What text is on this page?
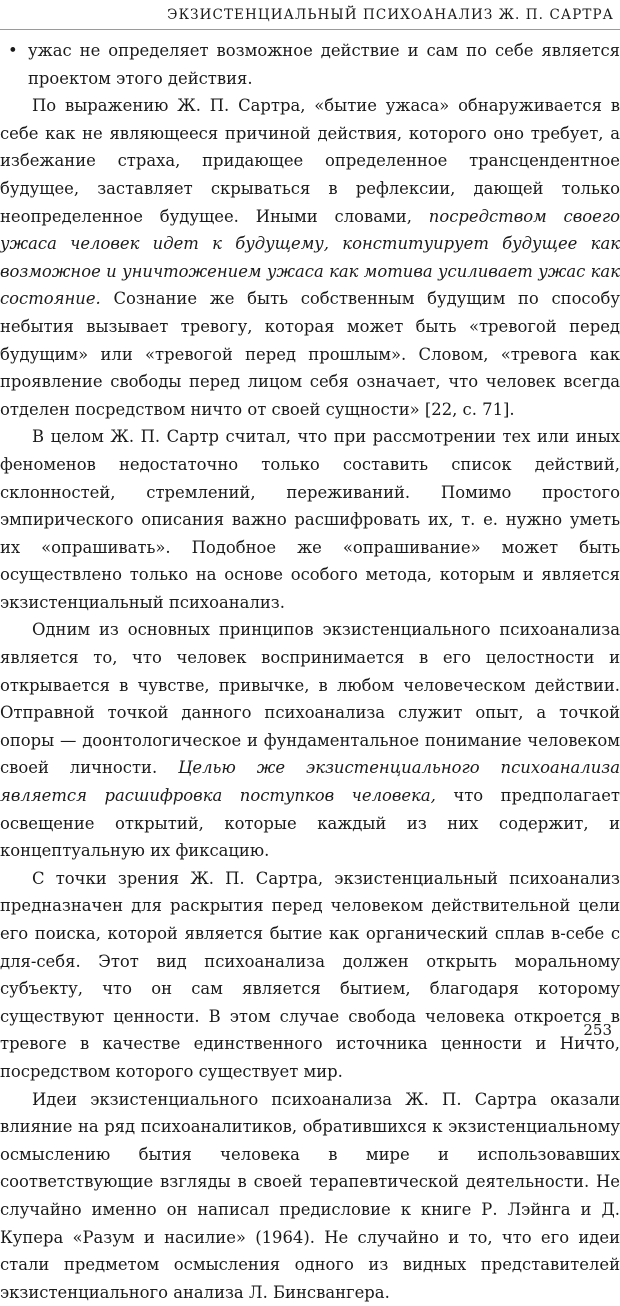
ЭКЗИСТЕНЦИАЛЬНЫЙ ПСИХОАНАЛИЗ Ж. П. САРТРА

• ужас не определяет возможное действие и сам по себе является проектом этого действия.

По выражению Ж. П. Сартра, «бытие ужаса» обнаруживается в себе как не являющееся причиной действия, которого оно требует, а избежание страха, придающее определенное трансцендентное будущее, заставляет скрываться в рефлексии, дающей только неопределенное будущее. Иными словами, посредством своего ужаса человек идет к будущему, конституирует будущее как возможное и уничтожением ужаса как мотива усиливает ужас как состояние. Сознание же быть собственным будущим по способу небытия вызывает тревогу, которая может быть «тревогой перед будущим» или «тревогой перед прошлым». Словом, «тревога как проявление свободы перед лицом себя означает, что человек всегда отделен посредством ничто от своей сущности» [22, с. 71].

В целом Ж. П. Сартр считал, что при рассмотрении тех или иных феноменов недостаточно только составить список действий, склонностей, стремлений, переживаний. Помимо простого эмпирического описания важно расшифровать их, т. е. нужно уметь их «опрашивать». Подобное же «опрашивание» может быть осуществлено только на основе особого метода, которым и является экзистенциальный психоанализ.

Одним из основных принципов экзистенциального психоанализа является то, что человек воспринимается в его целостности и открывается в чувстве, привычке, в любом человеческом действии. Отправной точкой данного психоанализа служит опыт, а точкой опоры — доонтологическое и фундаментальное понимание человеком своей личности. Целью же экзистенциального психоанализа является расшифровка поступков человека, что предполагает освещение открытий, которые каждый из них содержит, и концептуальную их фиксацию.

С точки зрения Ж. П. Сартра, экзистенциальный психоанализ предназначен для раскрытия перед человеком действительной цели его поиска, которой является бытие как органический сплав в-себе с для-себя. Этот вид психоанализа должен открыть моральному субъекту, что он сам является бытием, благодаря которому существуют ценности. В этом случае свобода человека откроется в тревоге в качестве единственного источника ценности и Ничто, посредством которого существует мир.

Идеи экзистенциального психоанализа Ж. П. Сартра оказали влияние на ряд психоаналитиков, обратившихся к экзистенциальному осмыслению бытия человека в мире и использовавших соответствующие взгляды в своей терапевтической деятельности. Не случайно именно он написал предисловие к книге Р. Лэйнга и Д. Купера «Разум и насилие» (1964). Не случайно и то, что его идеи стали предметом осмысления одного из видных представителей экзистенциального анализа Л. Бинсвангера.

253
